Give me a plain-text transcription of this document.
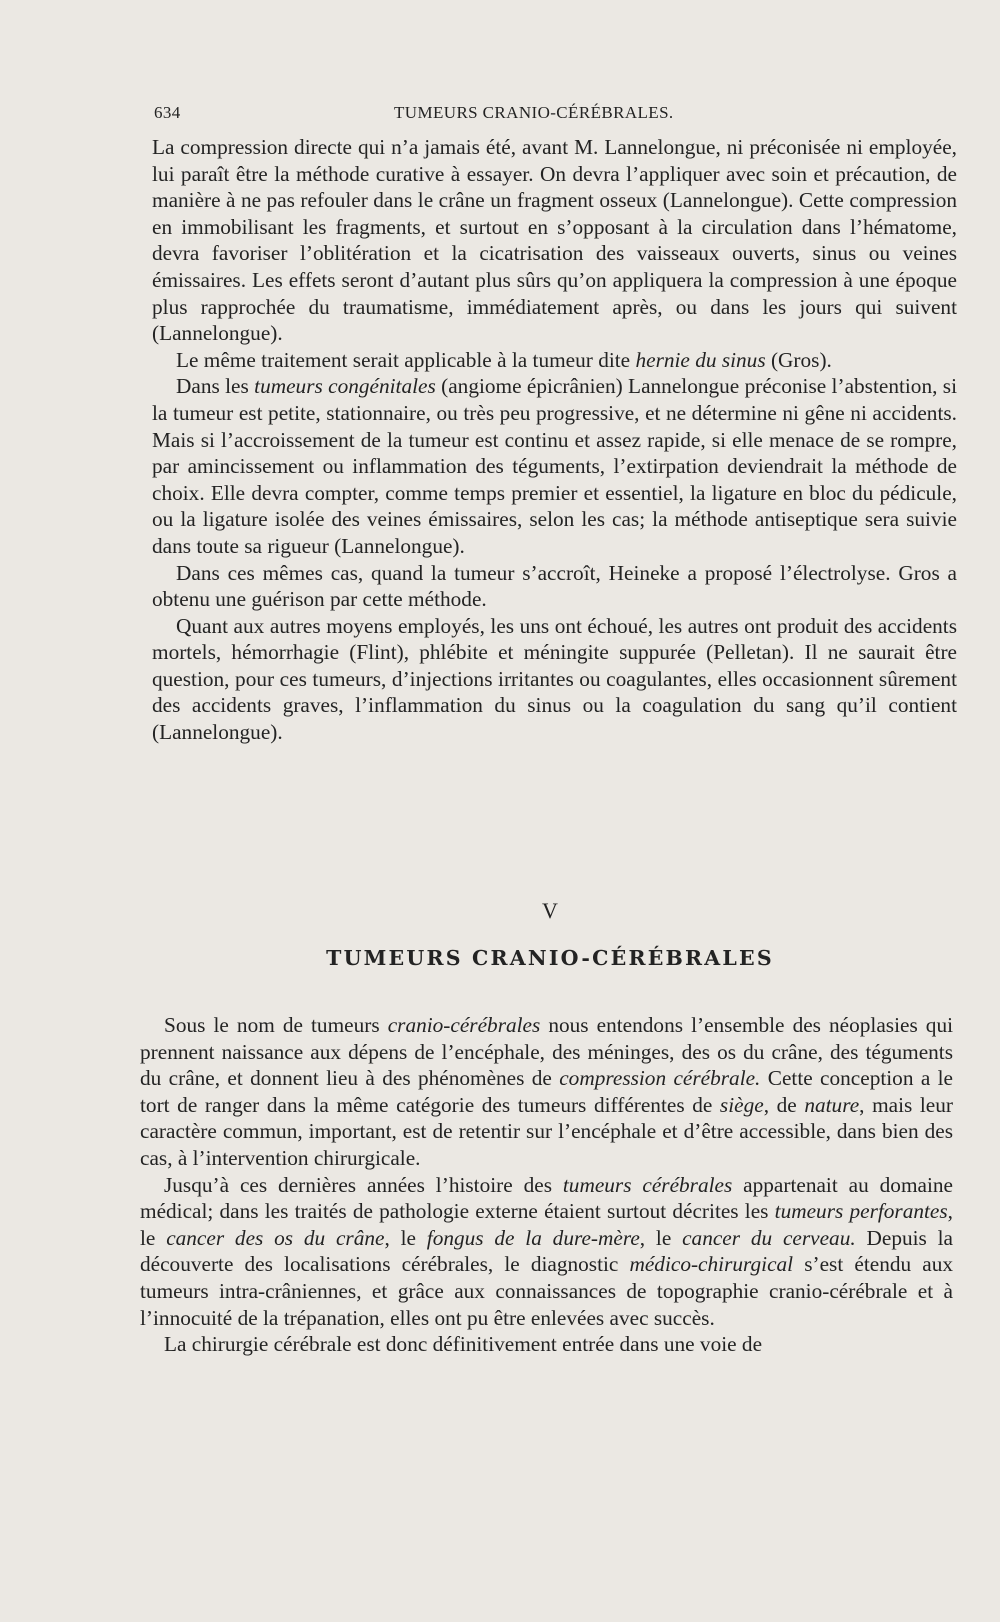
634	TUMEURS CRANIO-CÉRÉBRALES.

La compression directe qui n’a jamais été, avant M. Lannelongue, ni préconisée ni employée, lui paraît être la méthode curative à essayer. On devra l’appliquer avec soin et précaution, de manière à ne pas refouler dans le crâne un fragment osseux (Lannelongue). Cette compression en immobilisant les fragments, et surtout en s’opposant à la circulation dans l’hématome, devra favoriser l’oblitération et la cicatrisation des vaisseaux ouverts, sinus ou veines émissaires. Les effets seront d’autant plus sûrs qu’on appliquera la compression à une époque plus rapprochée du traumatisme, immédiatement après, ou dans les jours qui suivent (Lannelongue).

Le même traitement serait applicable à la tumeur dite hernie du sinus (Gros).

Dans les tumeurs congénitales (angiome épicrânien) Lannelongue préconise l’abstention, si la tumeur est petite, stationnaire, ou très peu progressive, et ne détermine ni gêne ni accidents. Mais si l’accroissement de la tumeur est continu et assez rapide, si elle menace de se rompre, par amincissement ou inflammation des téguments, l’extirpation deviendrait la méthode de choix. Elle devra compter, comme temps premier et essentiel, la ligature en bloc du pédicule, ou la ligature isolée des veines émissaires, selon les cas; la méthode antiseptique sera suivie dans toute sa rigueur (Lannelongue).

Dans ces mêmes cas, quand la tumeur s’accroît, Heineke a proposé l’électrolyse. Gros a obtenu une guérison par cette méthode.

Quant aux autres moyens employés, les uns ont échoué, les autres ont produit des accidents mortels, hémorrhagie (Flint), phlébite et méningite suppurée (Pelletan). Il ne saurait être question, pour ces tumeurs, d’injections irritantes ou coagulantes, elles occasionnent sûrement des accidents graves, l’inflammation du sinus ou la coagulation du sang qu’il contient (Lannelongue).

V
TUMEURS CRANIO-CÉRÉBRALES

Sous le nom de tumeurs cranio-cérébrales nous entendons l’ensemble des néoplasies qui prennent naissance aux dépens de l’encéphale, des méninges, des os du crâne, des téguments du crâne, et donnent lieu à des phénomènes de compression cérébrale. Cette conception a le tort de ranger dans la même catégorie des tumeurs différentes de siège, de nature, mais leur caractère commun, important, est de retentir sur l’encéphale et d’être accessible, dans bien des cas, à l’intervention chirurgicale.

Jusqu’à ces dernières années l’histoire des tumeurs cérébrales appartenait au domaine médical; dans les traités de pathologie externe étaient surtout décrites les tumeurs perforantes, le cancer des os du crâne, le fongus de la dure-mère, le cancer du cerveau. Depuis la découverte des localisations cérébrales, le diagnostic médico-chirurgical s’est étendu aux tumeurs intra-crâniennes, et grâce aux connaissances de topographie cranio-cérébrale et à l’innocuité de la trépanation, elles ont pu être enlevées avec succès.

La chirurgie cérébrale est donc définitivement entrée dans une voie de
